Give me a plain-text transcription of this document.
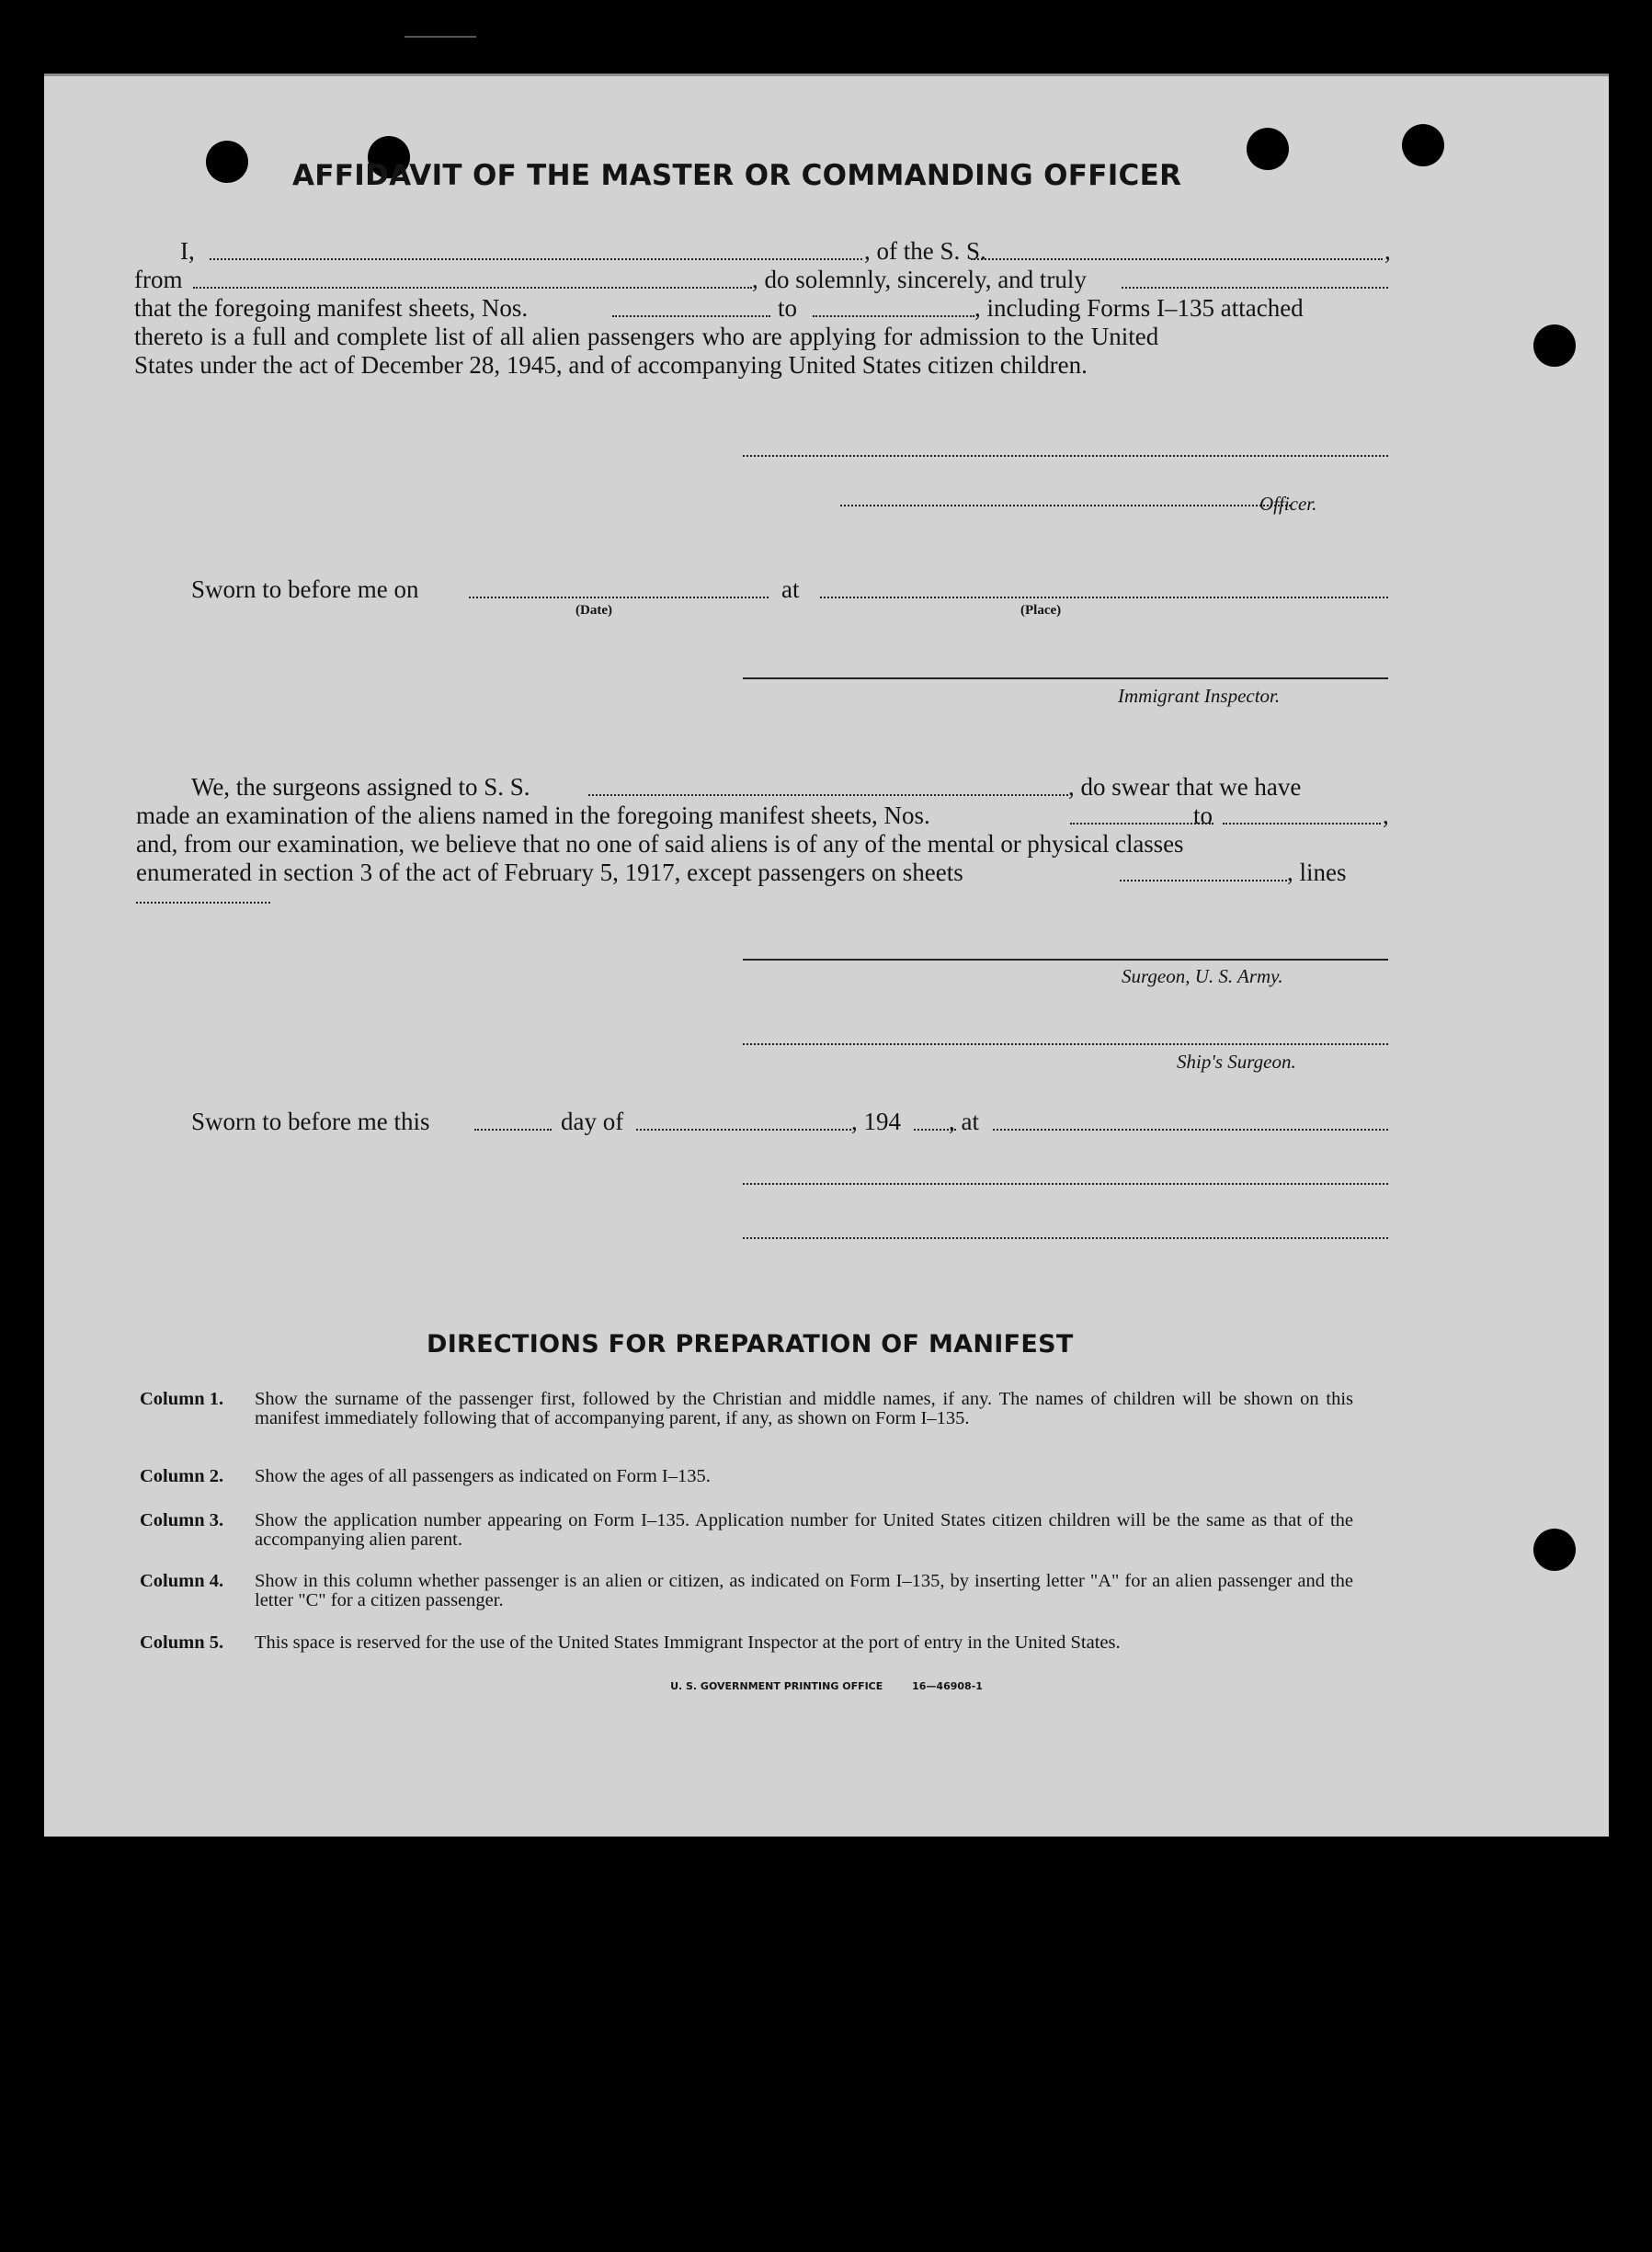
AFFIDAVIT OF THE MASTER OR COMMANDING OFFICER
I,	, of the S. S.	,
from	, do solemnly, sincerely, and truly
that the foregoing manifest sheets, Nos.	to	, including Forms I–135 attached
thereto is a full and complete list of all alien passengers who are applying for admission to the United
States under the act of December 28, 1945, and of accompanying United States citizen children.
Officer.
Sworn to before me on	at
(Date)	(Place)
Immigrant Inspector.
We, the surgeons assigned to S. S.	, do swear that we have
made an examination of the aliens named in the foregoing manifest sheets, Nos.	to	,
and, from our examination, we believe that no one of said aliens is of any of the mental or physical classes
enumerated in section 3 of the act of February 5, 1917, except passengers on sheets	, lines
Surgeon, U. S. Army.
Ship's Surgeon.
Sworn to before me this	day of	, 194 , at
DIRECTIONS FOR PREPARATION OF MANIFEST
Column 1. Show the surname of the passenger first, followed by the Christian and middle names, if any. The names of children will be shown on this manifest immediately following that of accompanying parent, if any, as shown on Form I–135.
Column 2. Show the ages of all passengers as indicated on Form I–135.
Column 3. Show the application number appearing on Form I–135. Application number for United States citizen children will be the same as that of the accompanying alien parent.
Column 4. Show in this column whether passenger is an alien or citizen, as indicated on Form I–135, by inserting letter "A" for an alien passenger and the letter "C" for a citizen passenger.
Column 5. This space is reserved for the use of the United States Immigrant Inspector at the port of entry in the United States.
U. S. GOVERNMENT PRINTING OFFICE	16—46908-1
